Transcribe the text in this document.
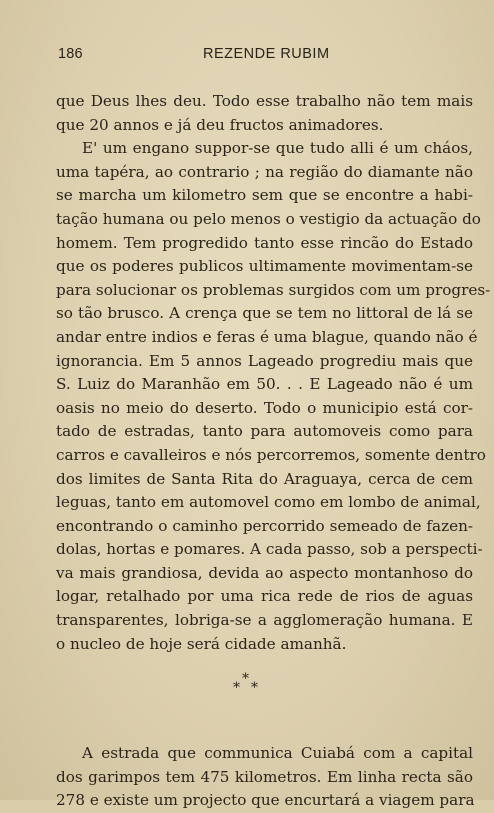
186	REZENDE RUBIM
que Deus lhes deu. Todo esse trabalho não tem mais
que 20 annos e já deu fructos animadores.
E' um engano suppor-se que tudo alli é um cháos,
uma tapéra, ao contrario ; na região do diamante não
se marcha um kilometro sem que se encontre a habi-
tação humana ou pelo menos o vestigio da actuação do
homem. Tem progredido tanto esse rincão do Estado
que os poderes publicos ultimamente movimentam-se
para solucionar os problemas surgidos com um progres-
so tão brusco. A crença que se tem no littoral de lá se
andar entre indios e feras é uma blague, quando não é
ignorancia. Em 5 annos Lageado progrediu mais que
S. Luiz do Maranhão em 50. . . E Lageado não é um
oasis no meio do deserto. Todo o municipio está cor-
tado de estradas, tanto para automoveis como para
carros e cavalleiros e nós percorremos, somente dentro
dos limites de Santa Rita do Araguaya, cerca de cem
leguas, tanto em automovel como em lombo de animal,
encontrando o caminho percorrido semeado de fazen-
dolas, hortas e pomares. A cada passo, sob a perspecti-
va mais grandiosa, devida ao aspecto montanhoso do
logar, retalhado por uma rica rede de rios de aguas
transparentes, lobriga-se a agglomeração humana. E
o nucleo de hoje será cidade amanhã.
*
* *
A estrada que communica Cuiabá com a capital
dos garimpos tem 475 kilometros. Em linha recta são
278 e existe um projecto que encurtará a viagem para
